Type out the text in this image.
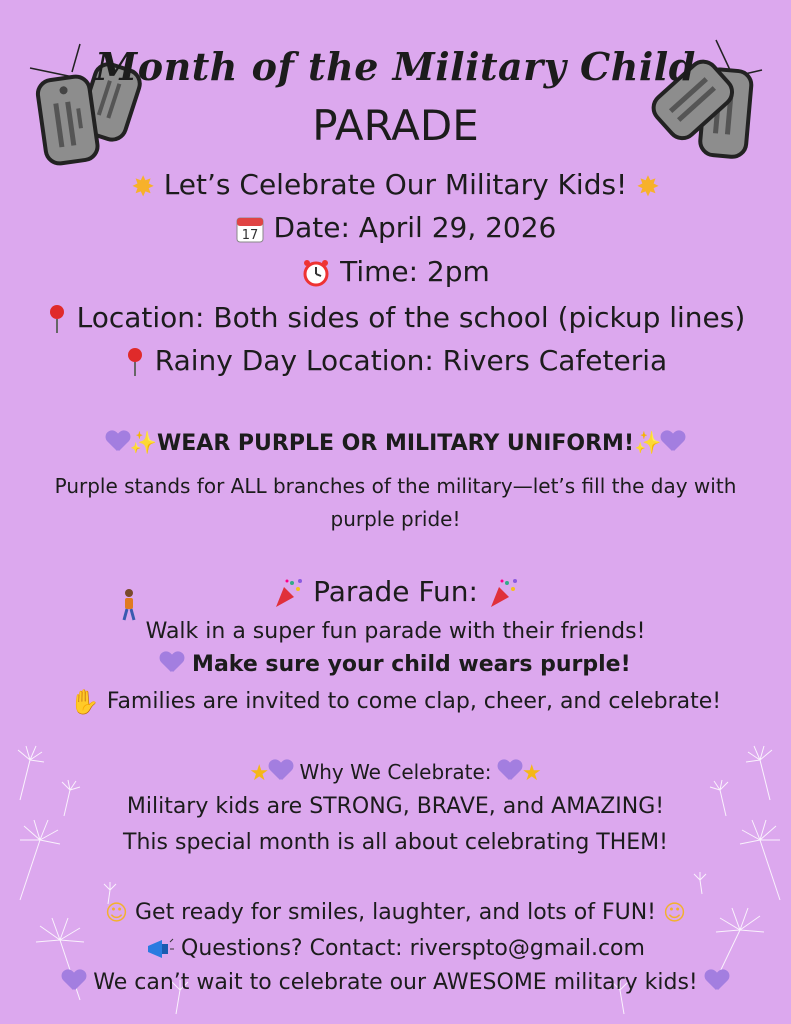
Month of the Military Child
PARADE
✸ Let’s Celebrate Our Military Kids! ✸
17 Date: April 29, 2026
Time: 2pm
Location: Both sides of the school (pickup lines)
Rainy Day Location: Rivers Cafeteria
✨WEAR PURPLE OR MILITARY UNIFORM!✨
Purple stands for ALL branches of the military—let’s fill the day with
purple pride!
Parade Fun:
Walk in a super fun parade with their friends!
Make sure your child wears purple!
✋ Families are invited to come clap, cheer, and celebrate!
★ Why We Celebrate: ★
Military kids are STRONG, BRAVE, and AMAZING!
This special month is all about celebrating THEM!
☺ Get ready for smiles, laughter, and lots of FUN! ☺
Questions? Contact: riverspto@gmail.com
We can’t wait to celebrate our AWESOME military kids!
